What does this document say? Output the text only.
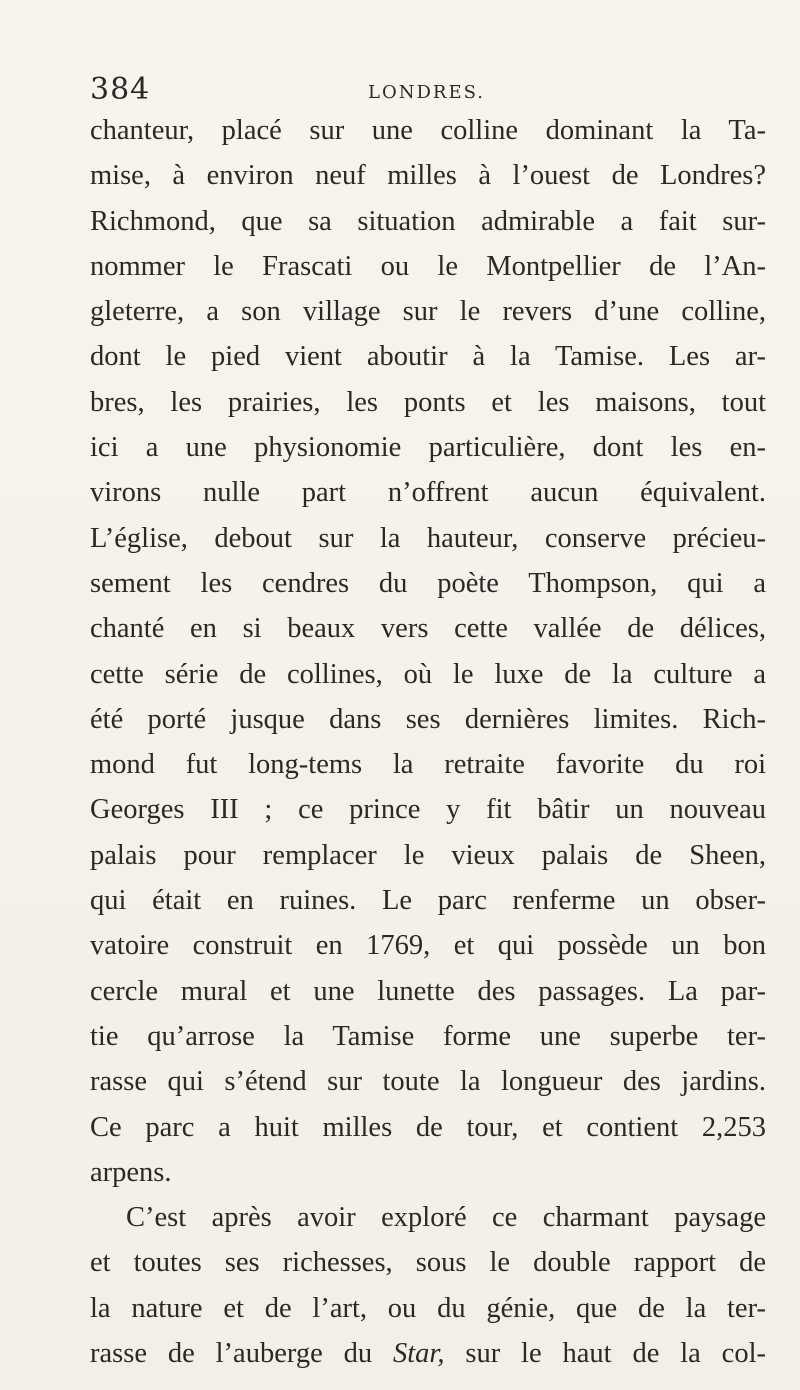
384	LONDRES.
chanteur, placé sur une colline dominant la Ta-
mise, à environ neuf milles à l’ouest de Londres?
Richmond, que sa situation admirable a fait sur-
nommer le Frascati ou le Montpellier de l’An-
gleterre, a son village sur le revers d’une colline,
dont le pied vient aboutir à la Tamise. Les ar-
bres, les prairies, les ponts et les maisons, tout
ici a une physionomie particulière, dont les en-
virons nulle part n’offrent aucun équivalent.
L’église, debout sur la hauteur, conserve précieu-
sement les cendres du poète Thompson, qui a
chanté en si beaux vers cette vallée de délices,
cette série de collines, où le luxe de la culture a
été porté jusque dans ses dernières limites. Rich-
mond fut long-tems la retraite favorite du roi
Georges III ; ce prince y fit bâtir un nouveau
palais pour remplacer le vieux palais de Sheen,
qui était en ruines. Le parc renferme un obser-
vatoire construit en 1769, et qui possède un bon
cercle mural et une lunette des passages. La par-
tie qu’arrose la Tamise forme une superbe ter-
rasse qui s’étend sur toute la longueur des jardins.
Ce parc a huit milles de tour, et contient 2,253
arpens.
C’est après avoir exploré ce charmant paysage
et toutes ses richesses, sous le double rapport de
la nature et de l’art, ou du génie, que de la ter-
rasse de l’auberge du Star, sur le haut de la col-
